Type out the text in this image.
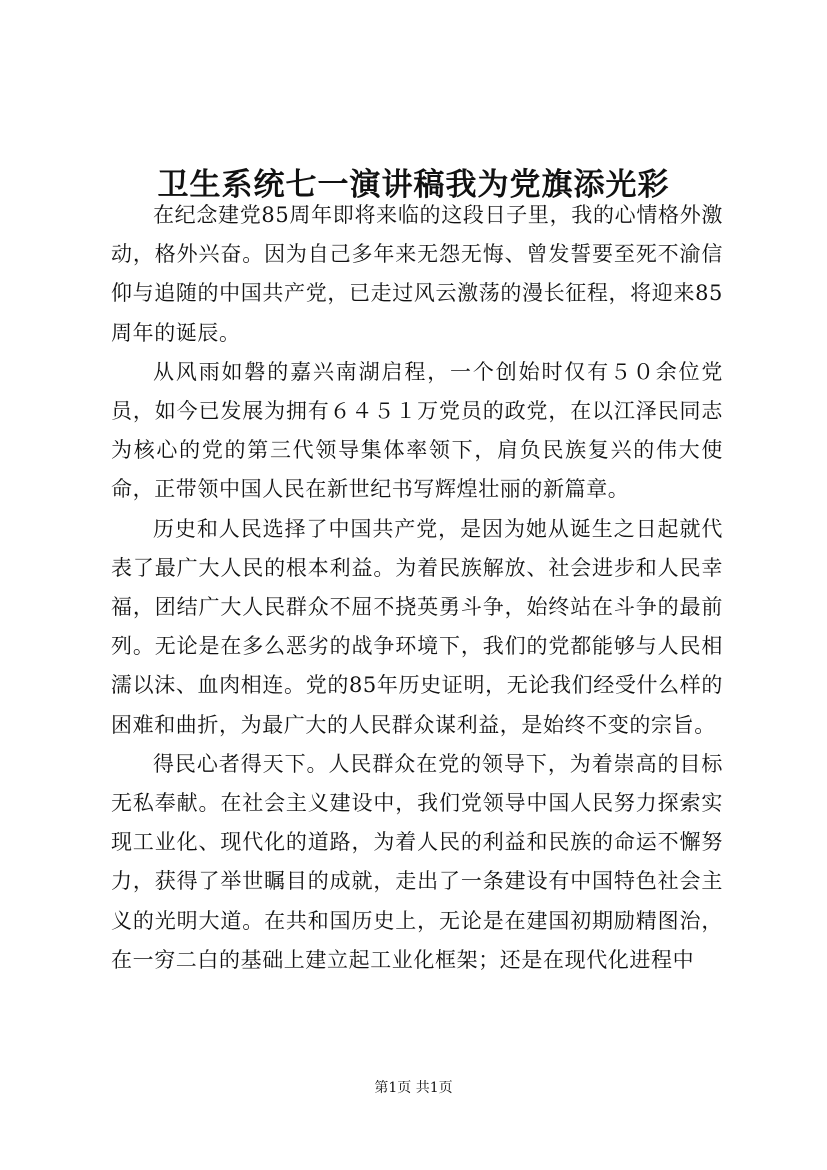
卫生系统七一演讲稿我为党旗添光彩

在纪念建党85周年即将来临的这段日子里，我的心情格外激动，格外兴奋。因为自己多年来无怨无悔、曾发誓要至死不渝信仰与追随的中国共产党，已走过风云激荡的漫长征程，将迎来85周年的诞辰。

从风雨如磐的嘉兴南湖启程，一个创始时仅有５０余位党员，如今已发展为拥有６４５１万党员的政党，在以江泽民同志为核心的党的第三代领导集体率领下，肩负民族复兴的伟大使命，正带领中国人民在新世纪书写辉煌壮丽的新篇章。

历史和人民选择了中国共产党，是因为她从诞生之日起就代表了最广大人民的根本利益。为着民族解放、社会进步和人民幸福，团结广大人民群众不屈不挠英勇斗争，始终站在斗争的最前列。无论是在多么恶劣的战争环境下，我们的党都能够与人民相濡以沫、血肉相连。党的85年历史证明，无论我们经受什么样的困难和曲折，为最广大的人民群众谋利益，是始终不变的宗旨。

得民心者得天下。人民群众在党的领导下，为着崇高的目标无私奉献。在社会主义建设中，我们党领导中国人民努力探索实现工业化、现代化的道路，为着人民的利益和民族的命运不懈努力，获得了举世瞩目的成就，走出了一条建设有中国特色社会主义的光明大道。在共和国历史上，无论是在建国初期励精图治，在一穷二白的基础上建立起工业化框架；还是在现代化进程中

第1页 共1页
